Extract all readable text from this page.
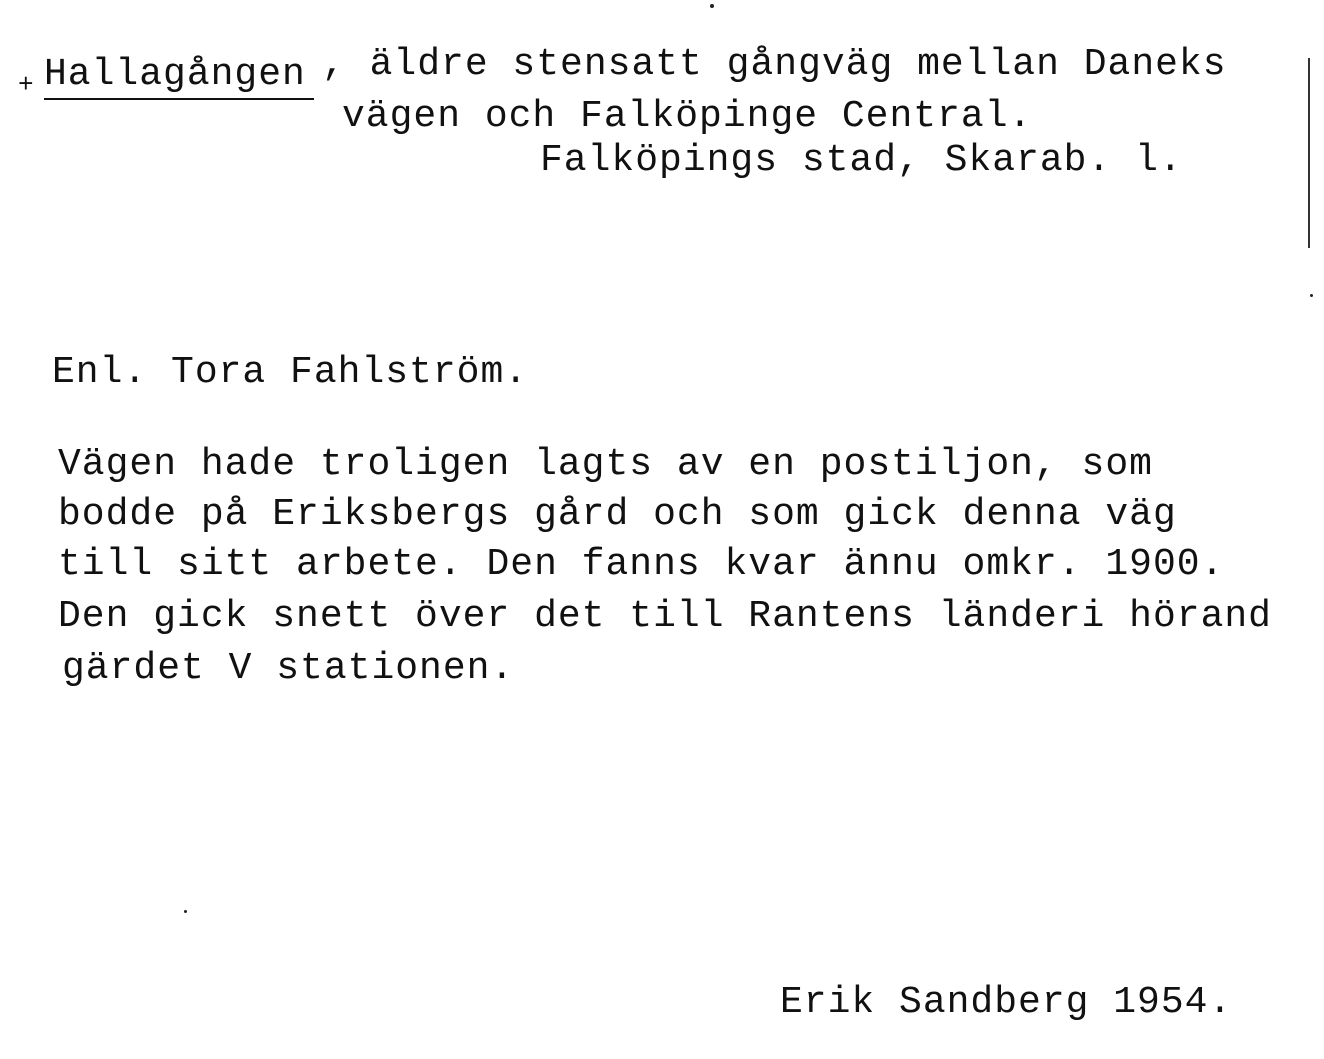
+ Hallagången , äldre stensatt gångväg mellan Daneks
vägen och Falköpinge Central.
Falköpings stad, Skarab. l.
Enl. Tora Fahlström.
Vägen hade troligen lagts av en postiljon, som
bodde på Eriksbergs gård och som gick denna väg
till sitt arbete. Den fanns kvar ännu omkr. 1900.
Den gick snett över det till Rantens länderi hörand
gärdet V stationen.
Erik Sandberg 1954.
